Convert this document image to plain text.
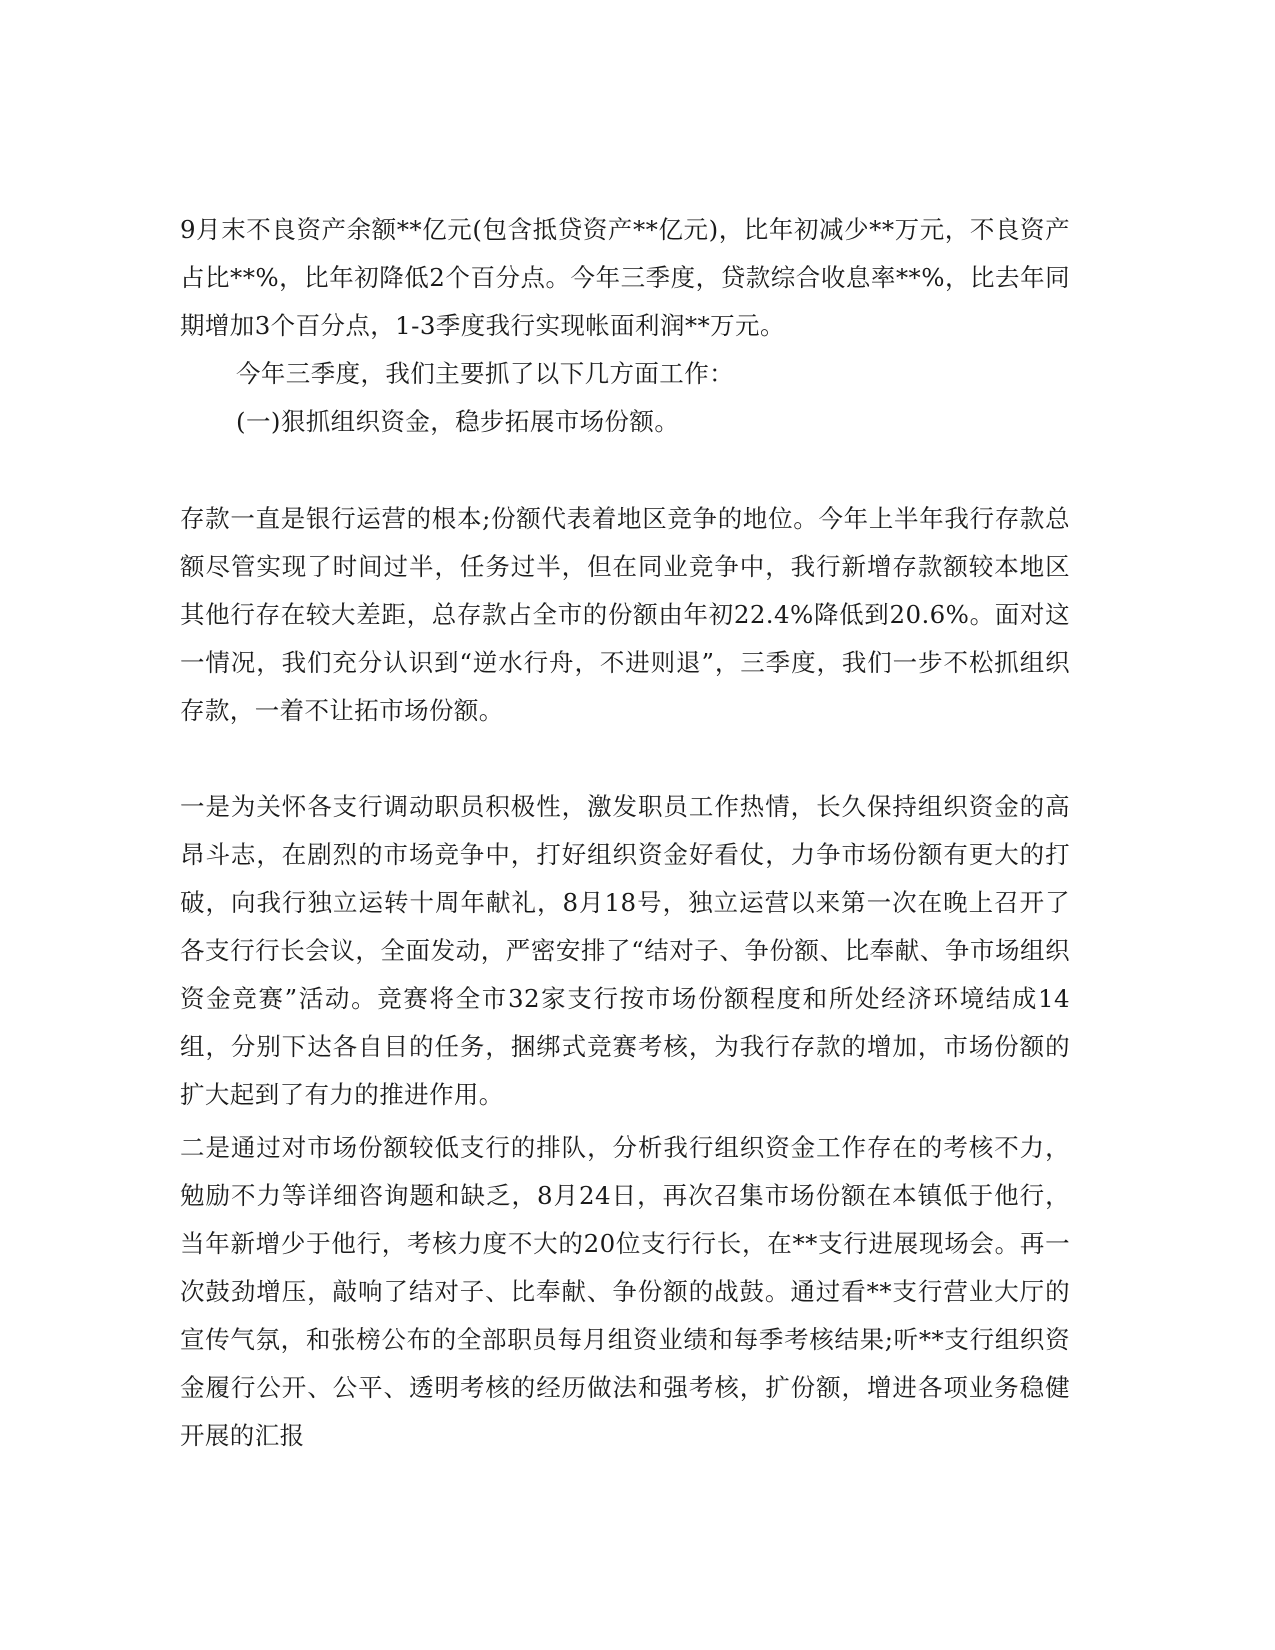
9月末不良资产余额**亿元(包含抵贷资产**亿元)，比年初减少**万元，不良资产占比**%，比年初降低2个百分点。今年三季度，贷款综合收息率**%，比去年同期增加3个百分点，1-3季度我行实现帐面利润**万元。

今年三季度，我们主要抓了以下几方面工作：

(一)狠抓组织资金，稳步拓展市场份额。

存款一直是银行运营的根本;份额代表着地区竞争的地位。今年上半年我行存款总额尽管实现了时间过半，任务过半，但在同业竞争中，我行新增存款额较本地区其他行存在较大差距，总存款占全市的份额由年初22.4%降低到20.6%。面对这一情况，我们充分认识到“逆水行舟，不进则退”，三季度，我们一步不松抓组织存款，一着不让拓市场份额。

一是为关怀各支行调动职员积极性，激发职员工作热情，长久保持组织资金的高昂斗志，在剧烈的市场竞争中，打好组织资金好看仗，力争市场份额有更大的打破，向我行独立运转十周年献礼，8月18号，独立运营以来第一次在晚上召开了各支行行长会议，全面发动，严密安排了“结对子、争份额、比奉献、争市场组织资金竞赛”活动。竞赛将全市32家支行按市场份额程度和所处经济环境结成14组，分别下达各自目的任务，捆绑式竞赛考核，为我行存款的增加，市场份额的扩大起到了有力的推进作用。

二是通过对市场份额较低支行的排队，分析我行组织资金工作存在的考核不力，勉励不力等详细咨询题和缺乏，8月24日，再次召集市场份额在本镇低于他行，当年新增少于他行，考核力度不大的20位支行行长，在**支行进展现场会。再一次鼓劲增压，敲响了结对子、比奉献、争份额的战鼓。通过看**支行营业大厅的宣传气氛，和张榜公布的全部职员每月组资业绩和每季考核结果;听**支行组织资金履行公开、公平、透明考核的经历做法和强考核，扩份额，增进各项业务稳健开展的汇报
